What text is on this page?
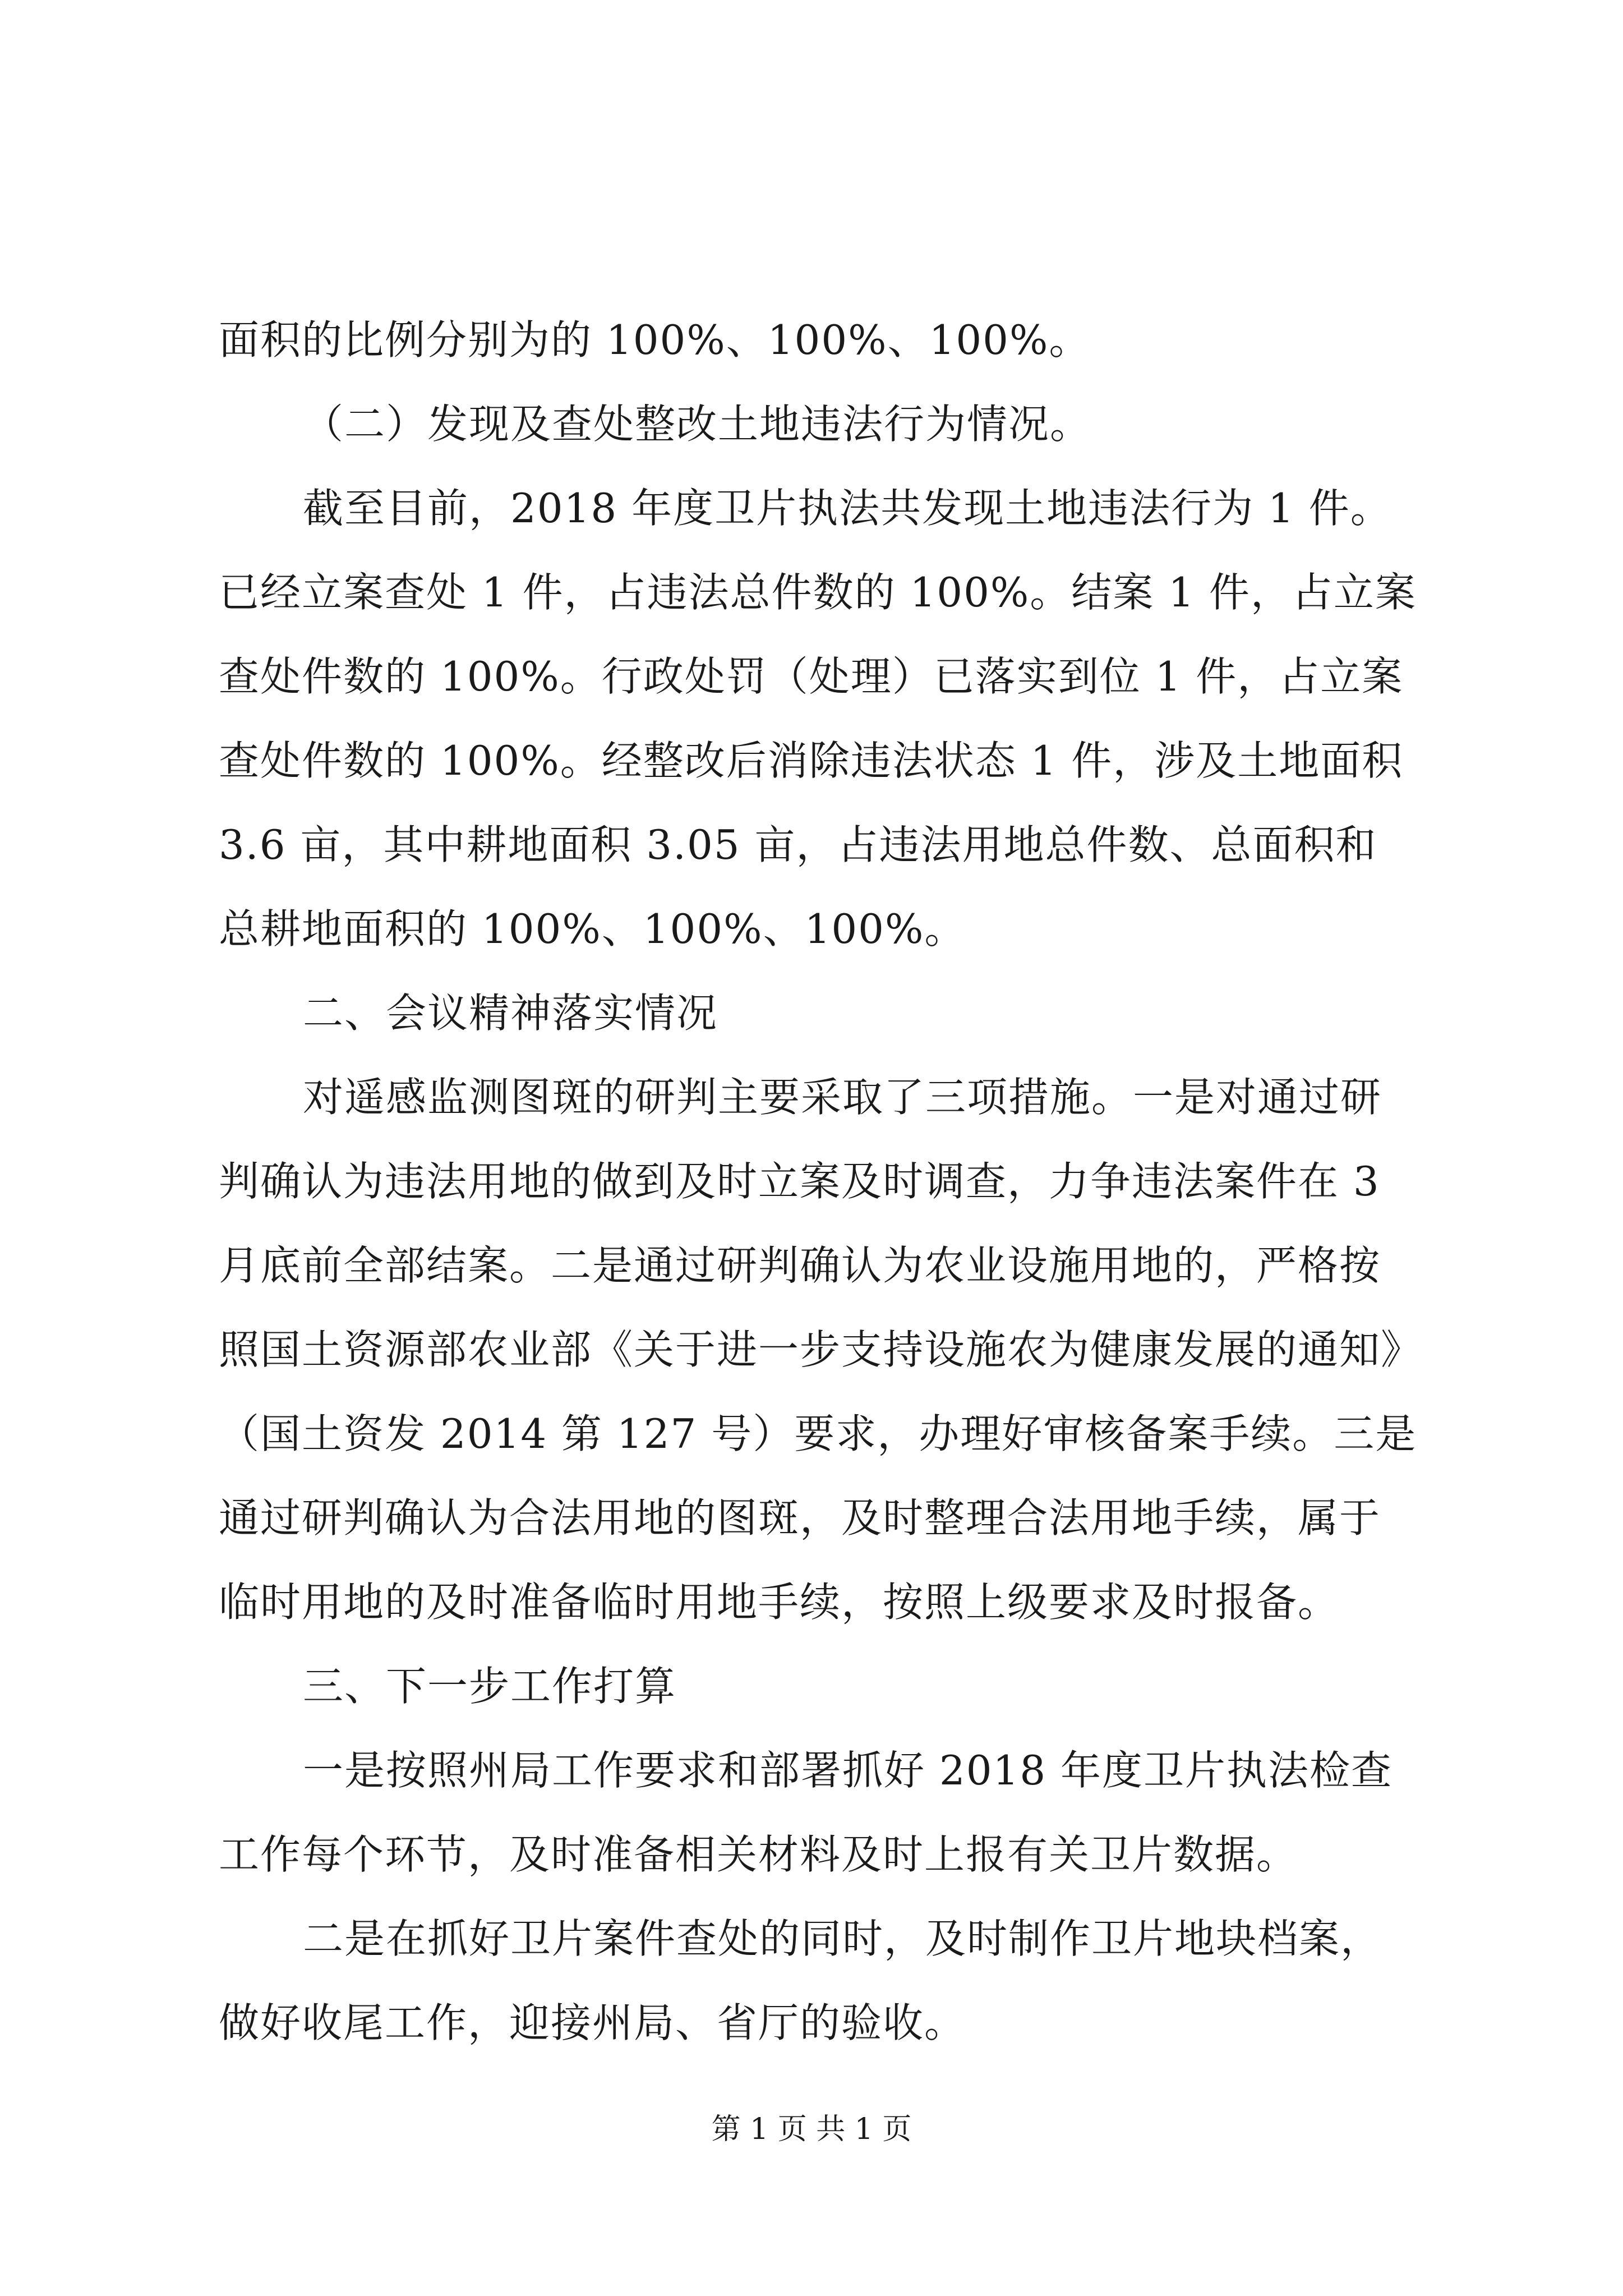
面积的比例分别为的 100%、100%、100%。
（二）发现及查处整改土地违法行为情况。
截至目前，2018 年度卫片执法共发现土地违法行为 1 件。
已经立案查处 1 件，占违法总件数的 100%。结案 1 件，占立案
查处件数的 100%。行政处罚（处理）已落实到位 1 件，占立案
查处件数的 100%。经整改后消除违法状态 1 件，涉及土地面积
3.6 亩，其中耕地面积 3.05 亩，占违法用地总件数、总面积和
总耕地面积的 100%、100%、100%。
二、会议精神落实情况
对遥感监测图斑的研判主要采取了三项措施。一是对通过研
判确认为违法用地的做到及时立案及时调查，力争违法案件在 3
月底前全部结案。二是通过研判确认为农业设施用地的，严格按
照国土资源部农业部《关于进一步支持设施农为健康发展的通知》
（国土资发 2014 第 127 号）要求，办理好审核备案手续。三是
通过研判确认为合法用地的图斑，及时整理合法用地手续，属于
临时用地的及时准备临时用地手续，按照上级要求及时报备。
三、下一步工作打算
一是按照州局工作要求和部署抓好 2018 年度卫片执法检查
工作每个环节，及时准备相关材料及时上报有关卫片数据。
二是在抓好卫片案件查处的同时，及时制作卫片地块档案，
做好收尾工作，迎接州局、省厅的验收。
第 1 页 共 1 页
